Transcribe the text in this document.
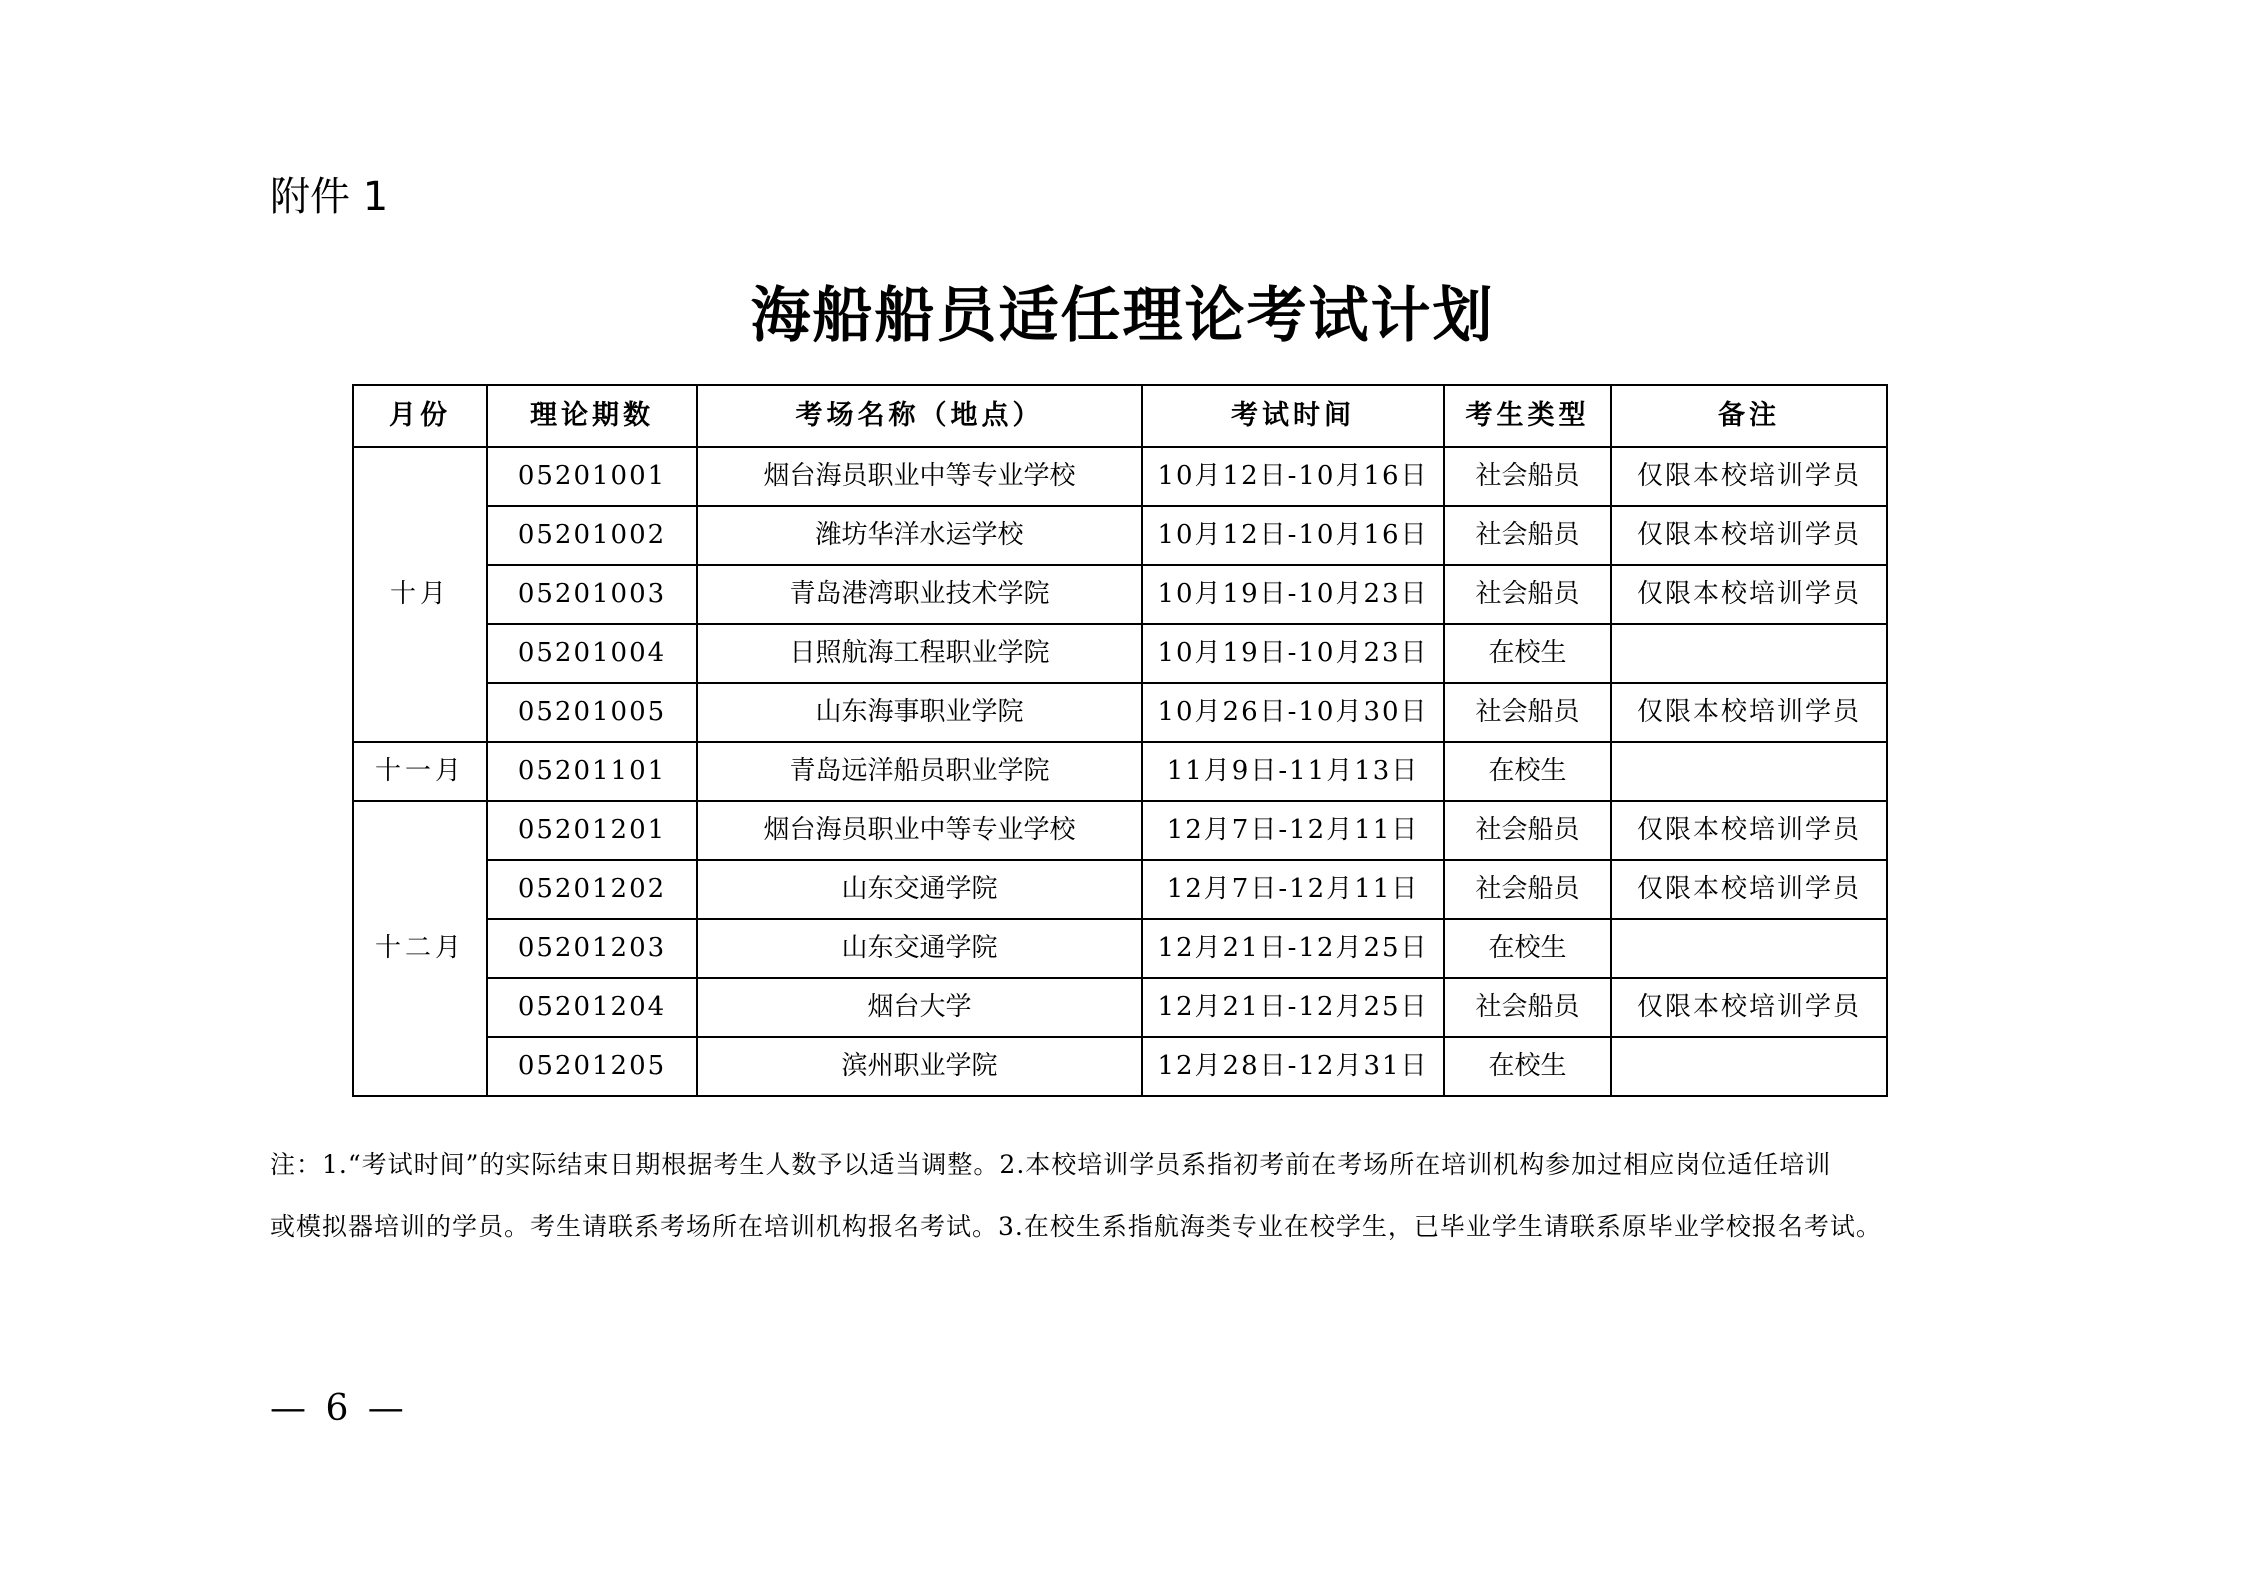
附件 1
海船船员适任理论考试计划
月份	理论期数	考场名称（地点）	考试时间	考生类型	备注
十月	05201001	烟台海员职业中等专业学校	10月12日-10月16日	社会船员	仅限本校培训学员
	05201002	潍坊华洋水运学校	10月12日-10月16日	社会船员	仅限本校培训学员
	05201003	青岛港湾职业技术学院	10月19日-10月23日	社会船员	仅限本校培训学员
	05201004	日照航海工程职业学院	10月19日-10月23日	在校生	
	05201005	山东海事职业学院	10月26日-10月30日	社会船员	仅限本校培训学员
十一月	05201101	青岛远洋船员职业学院	11月9日-11月13日	在校生	
十二月	05201201	烟台海员职业中等专业学校	12月7日-12月11日	社会船员	仅限本校培训学员
	05201202	山东交通学院	12月7日-12月11日	社会船员	仅限本校培训学员
	05201203	山东交通学院	12月21日-12月25日	在校生	
	05201204	烟台大学	12月21日-12月25日	社会船员	仅限本校培训学员
	05201205	滨州职业学院	12月28日-12月31日	在校生	
注：1.“考试时间”的实际结束日期根据考生人数予以适当调整。2.本校培训学员系指初考前在考场所在培训机构参加过相应岗位适任培训
或模拟器培训的学员。考生请联系考场所在培训机构报名考试。3.在校生系指航海类专业在校学生，已毕业学生请联系原毕业学校报名考试。
— 6 —
